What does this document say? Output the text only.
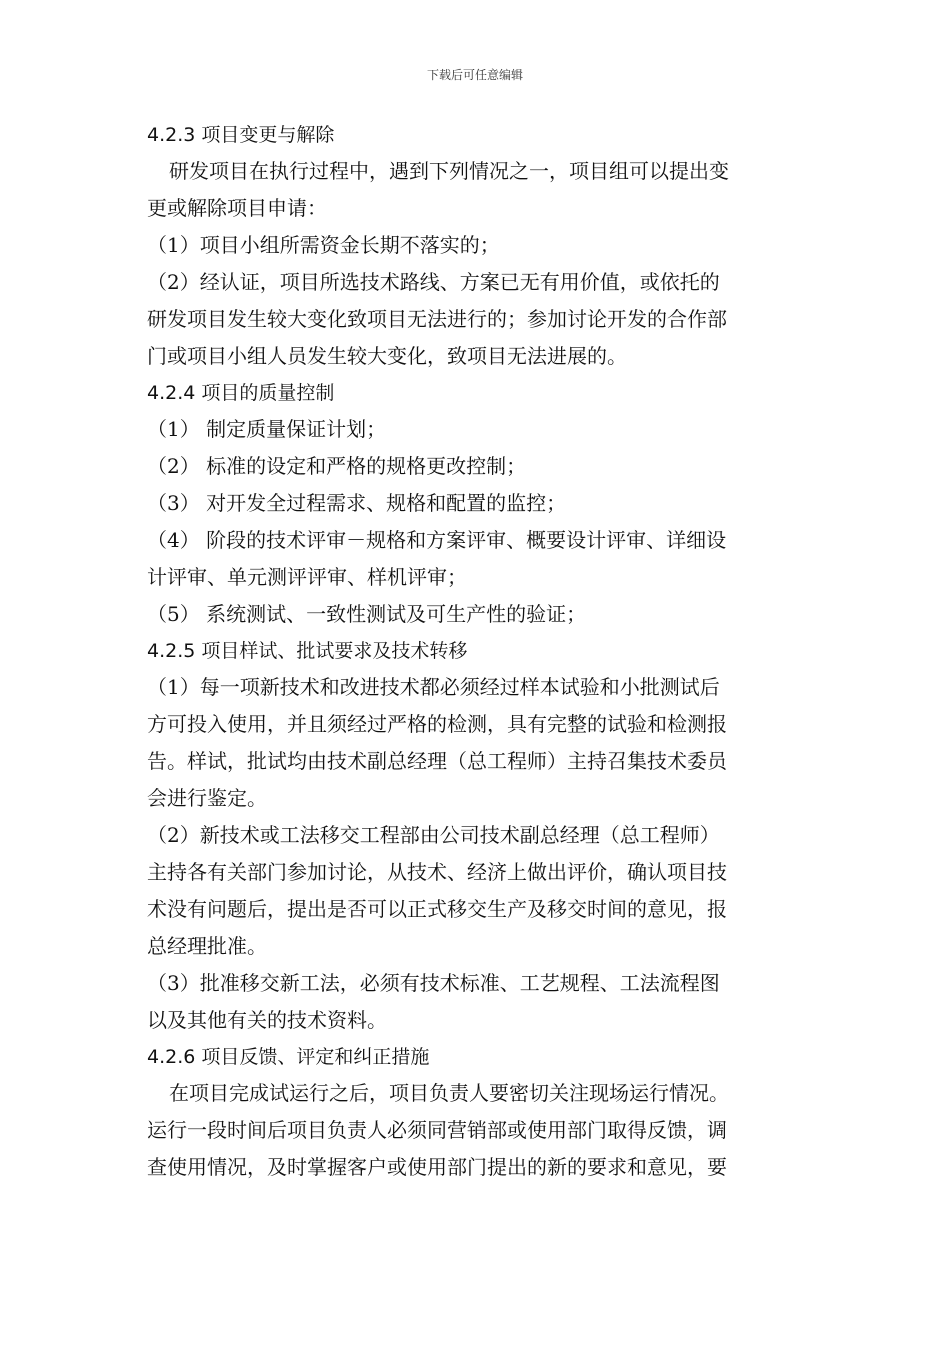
下载后可任意编辑
4.2.3 项目变更与解除
研发项目在执行过程中，遇到下列情况之一，项目组可以提出变
更或解除项目申请：
（1）项目小组所需资金长期不落实的；
（2）经认证，项目所选技术路线、方案已无有用价值，或依托的
研发项目发生较大变化致项目无法进行的；参加讨论开发的合作部
门或项目小组人员发生较大变化，致项目无法进展的。
4.2.4 项目的质量控制
（1） 制定质量保证计划；
（2） 标准的设定和严格的规格更改控制；
（3） 对开发全过程需求、规格和配置的监控；
（4） 阶段的技术评审－规格和方案评审、概要设计评审、详细设
计评审、单元测评评审、样机评审；
（5） 系统测试、一致性测试及可生产性的验证；
4.2.5 项目样试、批试要求及技术转移
（1）每一项新技术和改进技术都必须经过样本试验和小批测试后
方可投入使用，并且须经过严格的检测，具有完整的试验和检测报
告。样试，批试均由技术副总经理（总工程师）主持召集技术委员
会进行鉴定。
（2）新技术或工法移交工程部由公司技术副总经理（总工程师）
主持各有关部门参加讨论，从技术、经济上做出评价，确认项目技
术没有问题后，提出是否可以正式移交生产及移交时间的意见，报
总经理批准。
（3）批准移交新工法，必须有技术标准、工艺规程、工法流程图
以及其他有关的技术资料。
4.2.6 项目反馈、评定和纠正措施
在项目完成试运行之后，项目负责人要密切关注现场运行情况。
运行一段时间后项目负责人必须同营销部或使用部门取得反馈，调
查使用情况，及时掌握客户或使用部门提出的新的要求和意见，要
